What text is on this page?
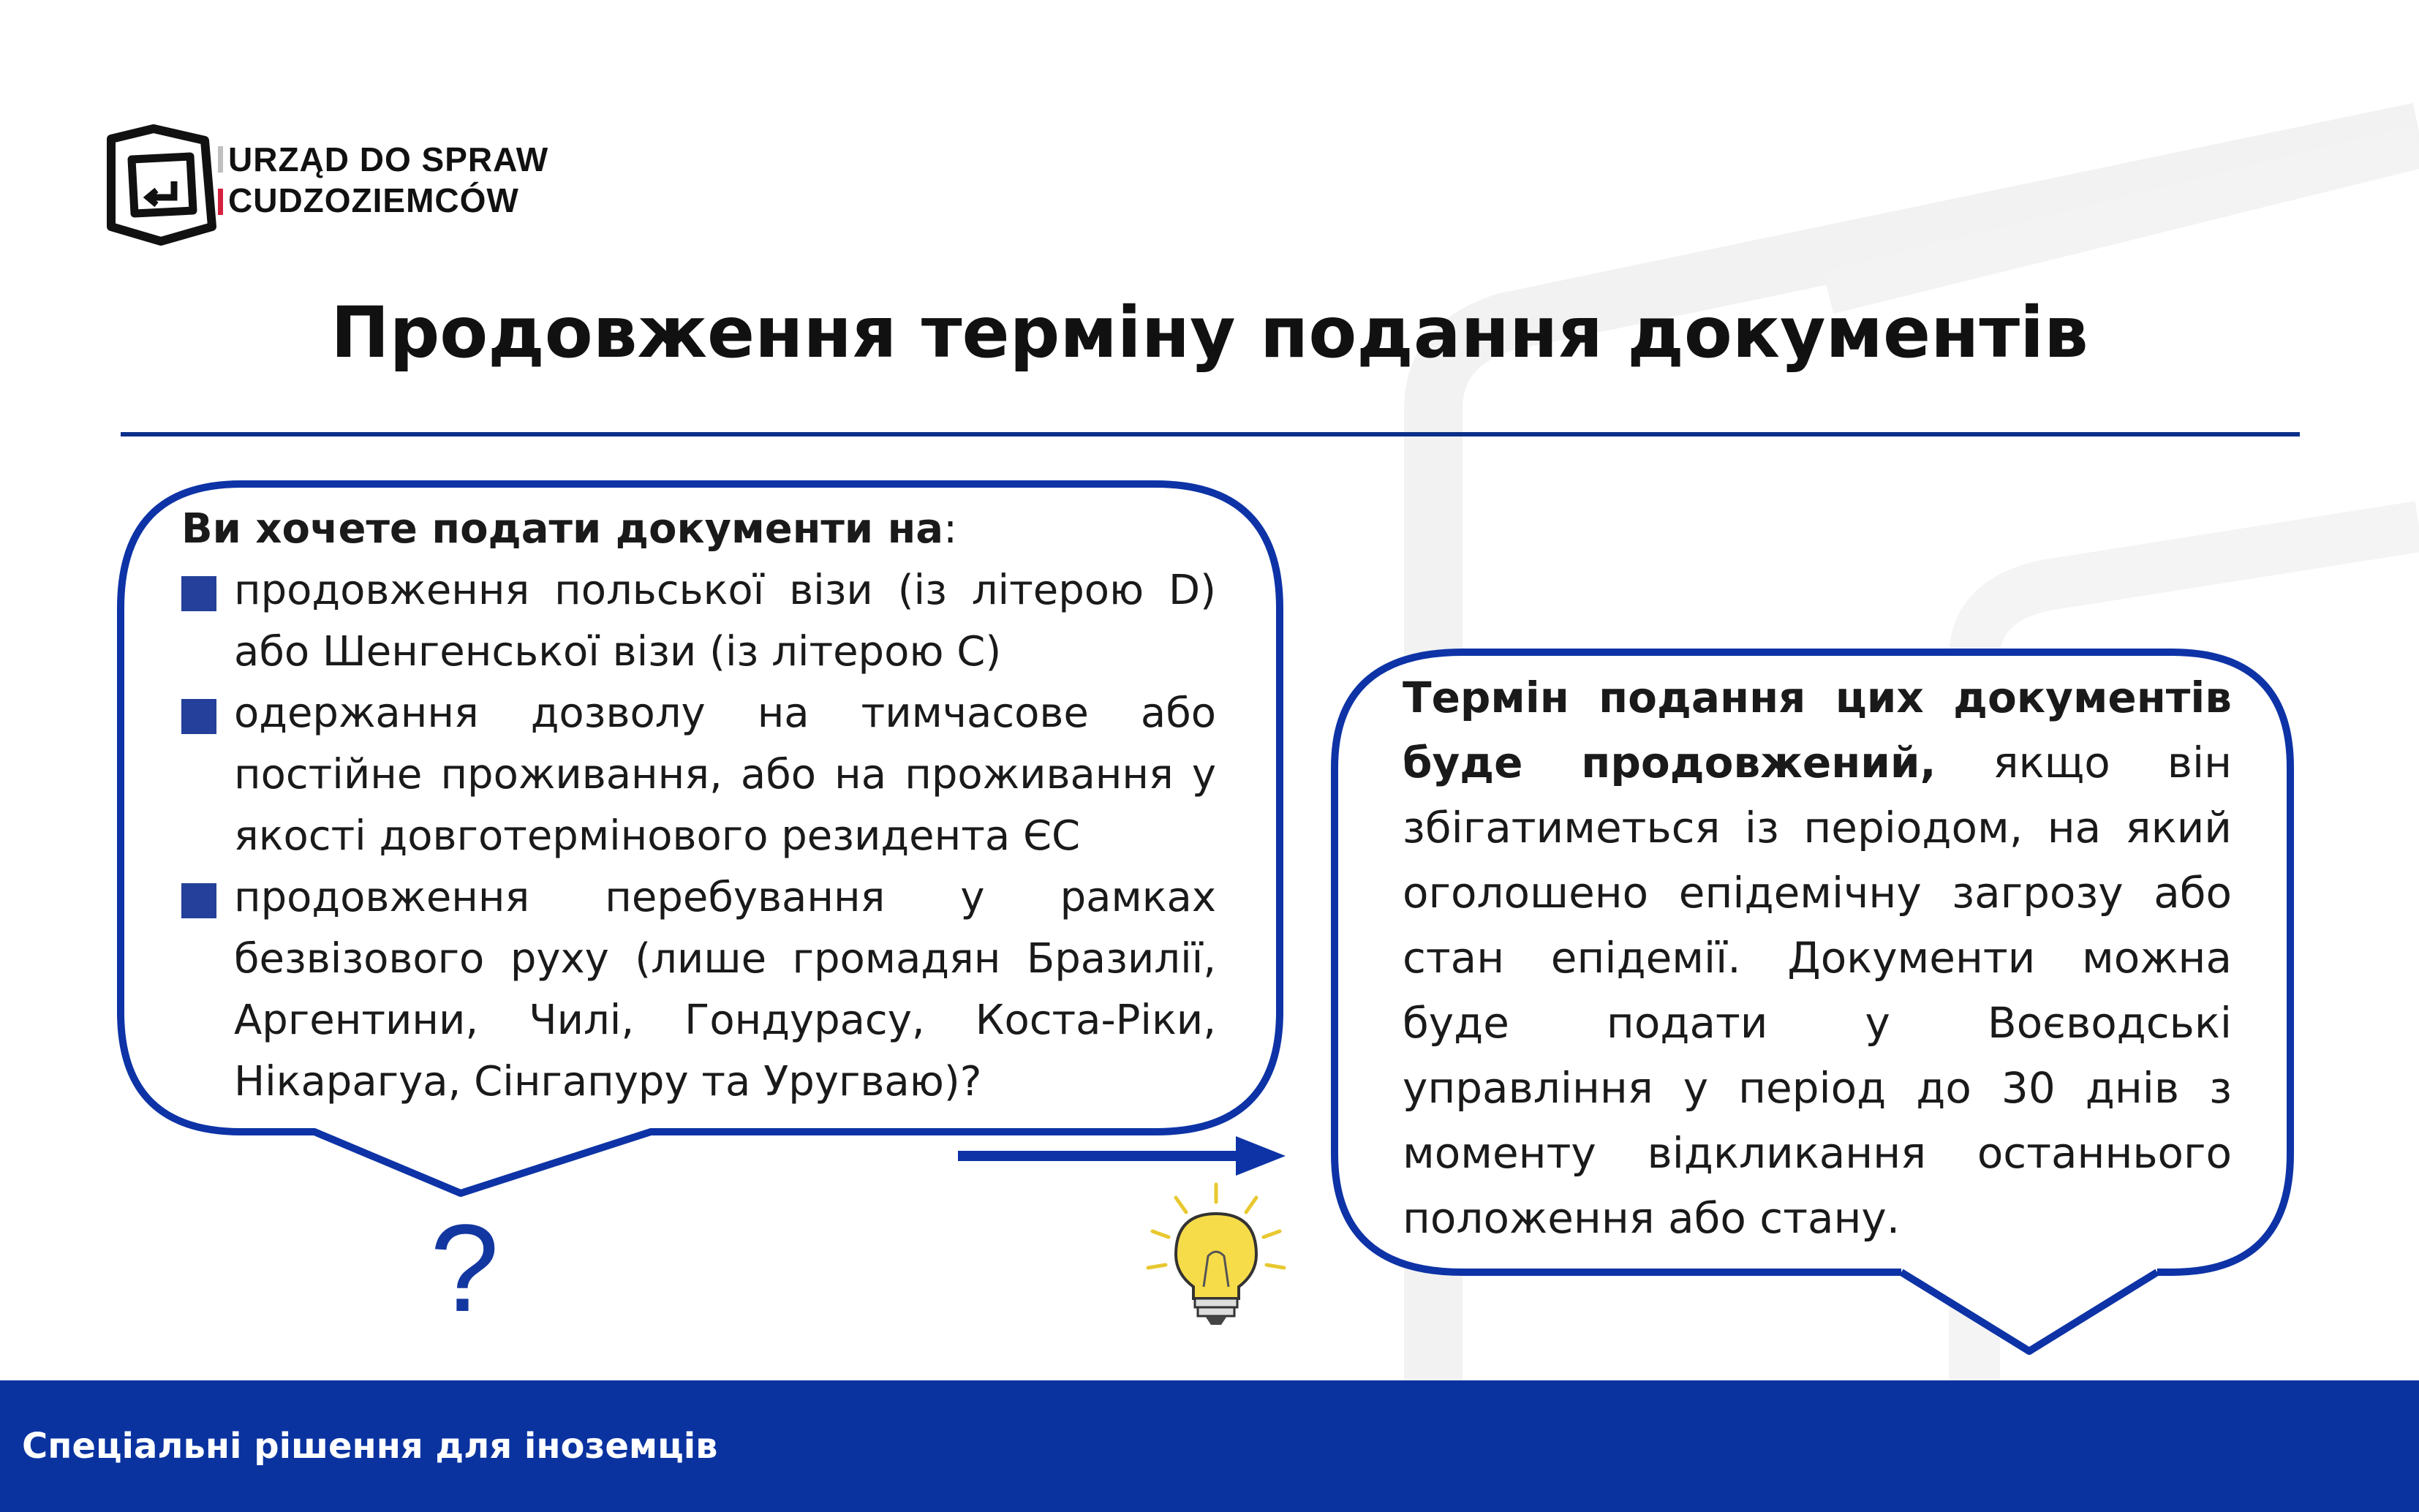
URZĄD DO SPRAW
CUDZOZIEMCÓW
Продовження терміну подання документів
Ви хочете подати документи на:
продовження польської візи (із літерою D) або Шенгенської візи (із літерою C)
одержання дозволу на тимчасове або постійне проживання, або на проживання у якості довготермінового резидента ЄС
продовження перебування у рамках безвізового руху (лише громадян Бразилії, Аргентини, Чилі, Гондурасу, Коста-Ріки, Нікарагуа, Сінгапуру та Уругваю)?
Термін подання цих документів буде продовжений, якщо він збігатиметься із періодом, на який оголошено епідемічну загрозу або стан епідемії. Документи можна буде подати у Воєводські управління у період до 30 днів з моменту відкликання останнього положення або стану.
?
Спеціальні рішення для іноземців
